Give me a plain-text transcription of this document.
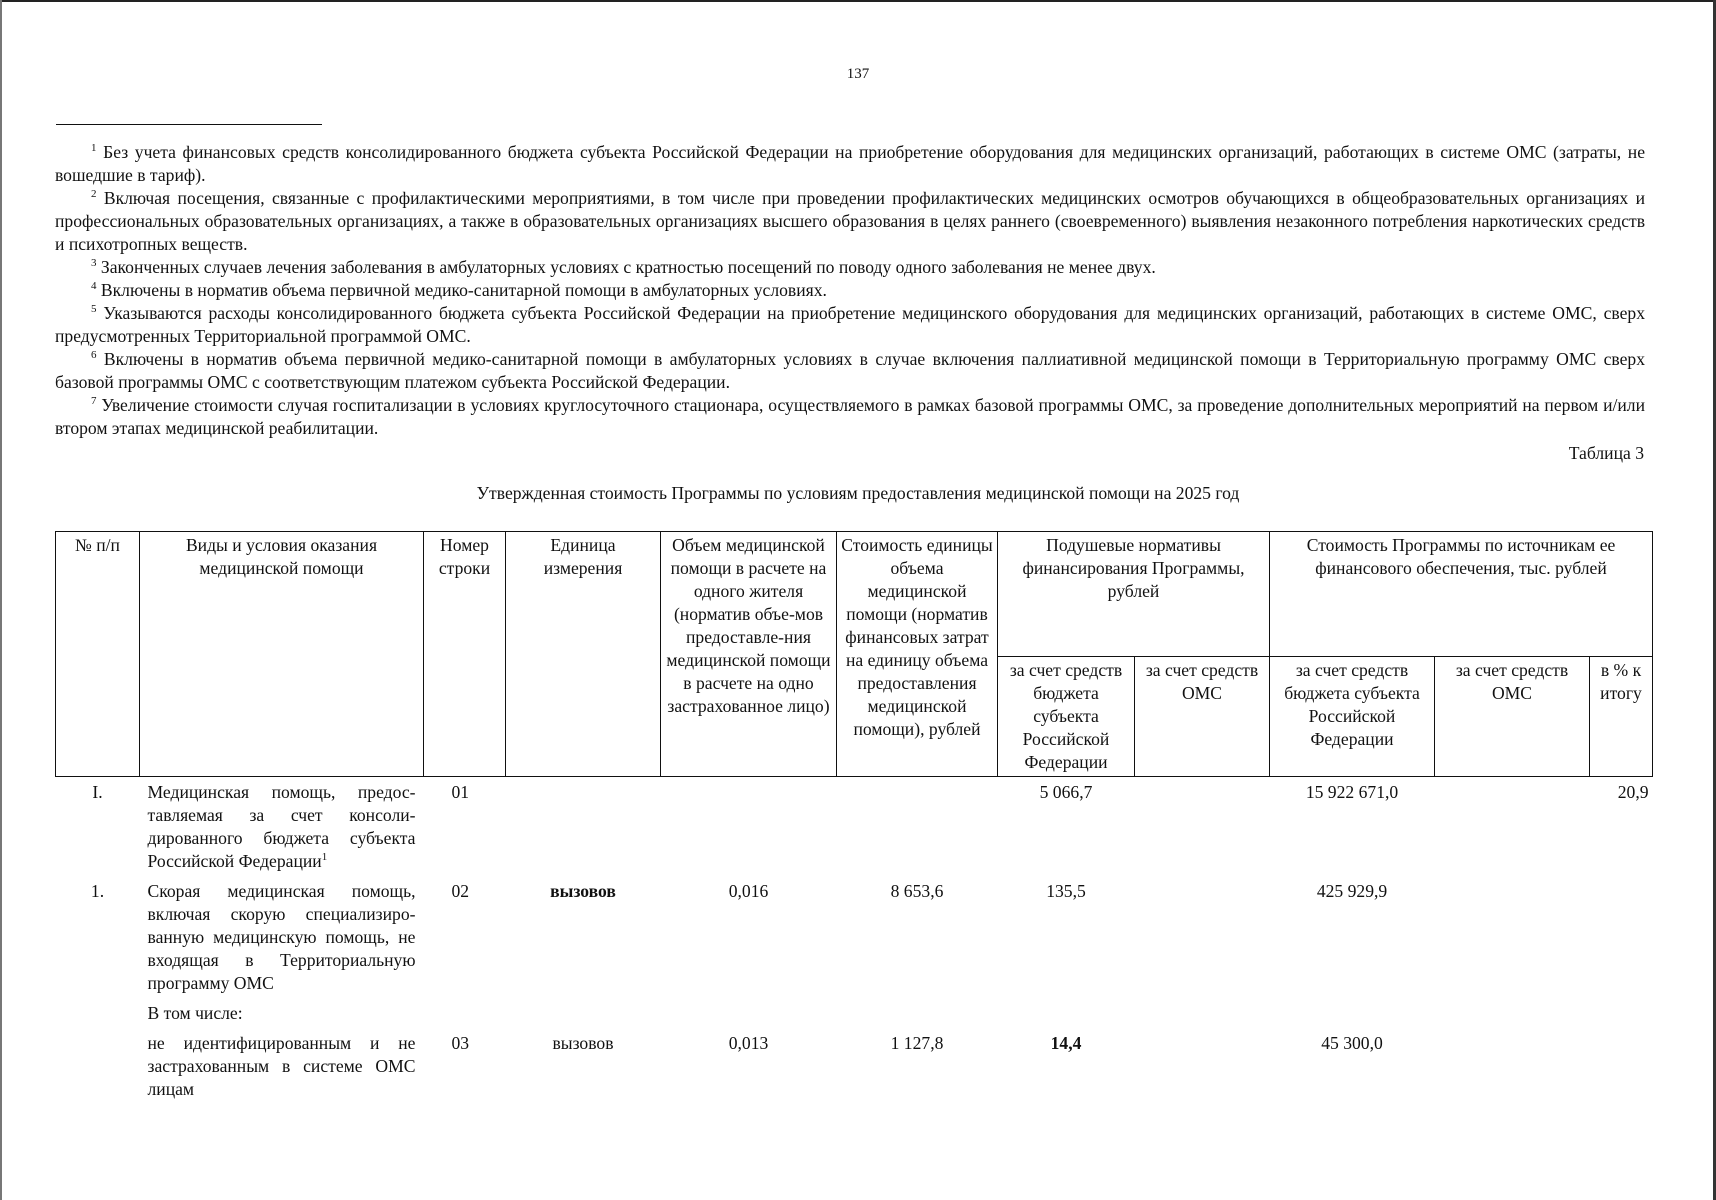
137

$^1$ Без учета финансовых средств консолидированного бюджета субъекта Российской Федерации на приобретение оборудования для медицинских организаций, работающих в системе ОМС (затраты, не вошедшие в тариф).

$^2$ Включая посещения, связанные с профилактическими мероприятиями, в том числе при проведении профилактических медицинских осмотров обучающихся в общеобразовательных организациях и профессиональных образовательных организациях, а также в образовательных организациях высшего образования в целях раннего (своевременного) выявления незаконного потребления наркотических средств и психотропных веществ.

$^3$ Законченных случаев лечения заболевания в амбулаторных условиях с кратностью посещений по поводу одного заболевания не менее двух.

$^4$ Включены в норматив объема первичной медико-санитарной помощи в амбулаторных условиях.

$^5$ Указываются расходы консолидированного бюджета субъекта Российской Федерации на приобретение медицинского оборудования для медицинских организаций, работающих в системе ОМС, сверх предусмотренных Территориальной программой ОМС.

$^6$ Включены в норматив объема первичной медико-санитарной помощи в амбулаторных условиях в случае включения паллиативной медицинской помощи в Территориальную программу ОМС сверх базовой программы ОМС с соответствующим платежом субъекта Российской Федерации.

$^7$ Увеличение стоимости случая госпитализации в условиях круглосуточного стационара, осуществляемого в рамках базовой программы ОМС, за проведение дополнительных мероприятий на первом и/или втором этапах медицинской реабилитации.

Таблица 3
Утвержденная стоимость Программы по условиям предоставления медицинской помощи на 2025 год
№ п/п	Виды и условия оказания медицинской помощи	Номер строки	Единица измерения	Объем медицинской помощи в расчете на одного жителя (норматив объе-мов предоставле-ния медицинской помощи в расчете на одно застрахованное лицо)	Стоимость единицы объема медицинской помощи (норматив финансовых затрат на единицу объема предоставления медицинской помощи), рублей	Подушевые нормативы финансирования Программы, рублей		Стоимость Программы по источникам ее финансового обеспечения, тыс. рублей		
						за счет средств бюджета субъекта Российской Федерации	за счет средств ОМС	за счет средств бюджета субъекта Российской Федерации	за счет средств ОМС	в % к итогу
I.	Медицинская помощь, предос-тавляемая за счет консоли-дированного бюджета субъекта Российской Федерации$^1$	01				5 066,7		15 922 671,0		20,9
1.	Скорая медицинская помощь, включая скорую специализиро-ванную медицинскую помощь, не входящая в Территориальную программу ОМС	02	вызовов	0,016	8 653,6	135,5		425 929,9		
	В том числе:									
	не идентифицированным и не застрахованным в системе ОМС лицам	03	вызовов	0,013	1 127,8	14,4		45 300,0		
